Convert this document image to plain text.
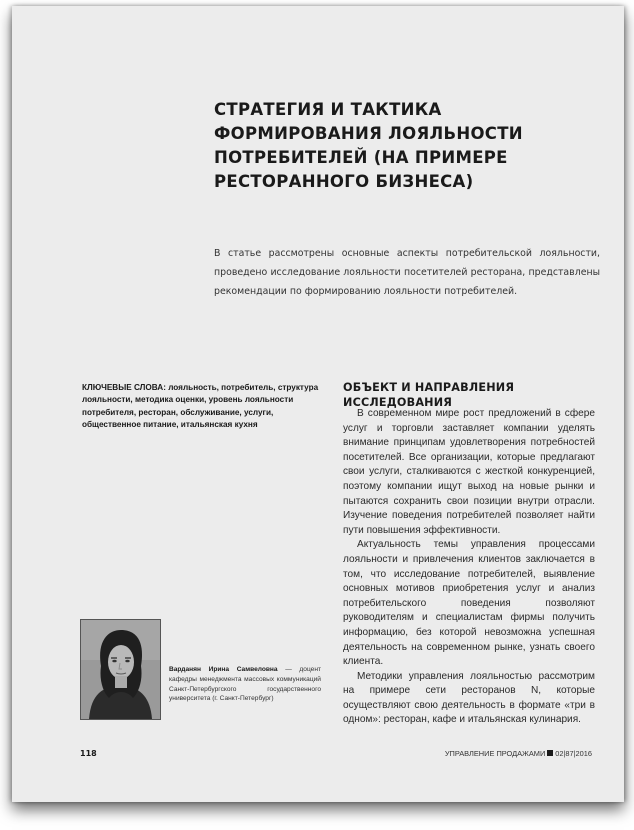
СТРАТЕГИЯ И ТАКТИКА ФОРМИРОВАНИЯ ЛОЯЛЬНОСТИ ПОТРЕБИТЕЛЕЙ (НА ПРИМЕРЕ РЕСТОРАННОГО БИЗНЕСА)

В статье рассмотрены основные аспекты потребительской лояльности, проведено исследование лояльности посетителей ресторана, представлены рекомендации по формированию лояльности потребителей.

КЛЮЧЕВЫЕ СЛОВА: лояльность, потребитель, структура лояльности, методика оценки, уровень лояльности потребителя, ресторан, обслуживание, услуги, общественное питание, итальянская кухня

ОБЪЕКТ И НАПРАВЛЕНИЯ ИССЛЕДОВАНИЯ

В современном мире рост предложений в сфере услуг и торговли заставляет компании уделять внимание принципам удовлетворения потребностей посетителей. Все организации, которые предлагают свои услуги, сталкиваются с жесткой конкуренцией, поэтому компании ищут выход на новые рынки и пытаются сохранить свои позиции внутри отрасли. Изучение поведения потребителей позволяет найти пути повышения эффективности.

Актуальность темы управления процессами лояльности и привлечения клиентов заключается в том, что исследование потребителей, выявление основных мотивов приобретения услуг и анализ потребительского поведения позволяют руководителям и специалистам фирмы получить информацию, без которой невозможна успешная деятельность на современном рынке, узнать своего клиента.

Методики управления лояльностью рассмотрим на примере сети ресторанов N, которые осуществляют свою деятельность в формате «три в одном»: ресторан, кафе и итальянская кулинария.

Варданян Ирина Самвеловна — доцент кафедры менеджмента массовых коммуникаций Санкт-Петербургского государственного университета (г. Санкт-Петербург)

118	УПРАВЛЕНИЕ ПРОДАЖАМИ 02|87|2016
